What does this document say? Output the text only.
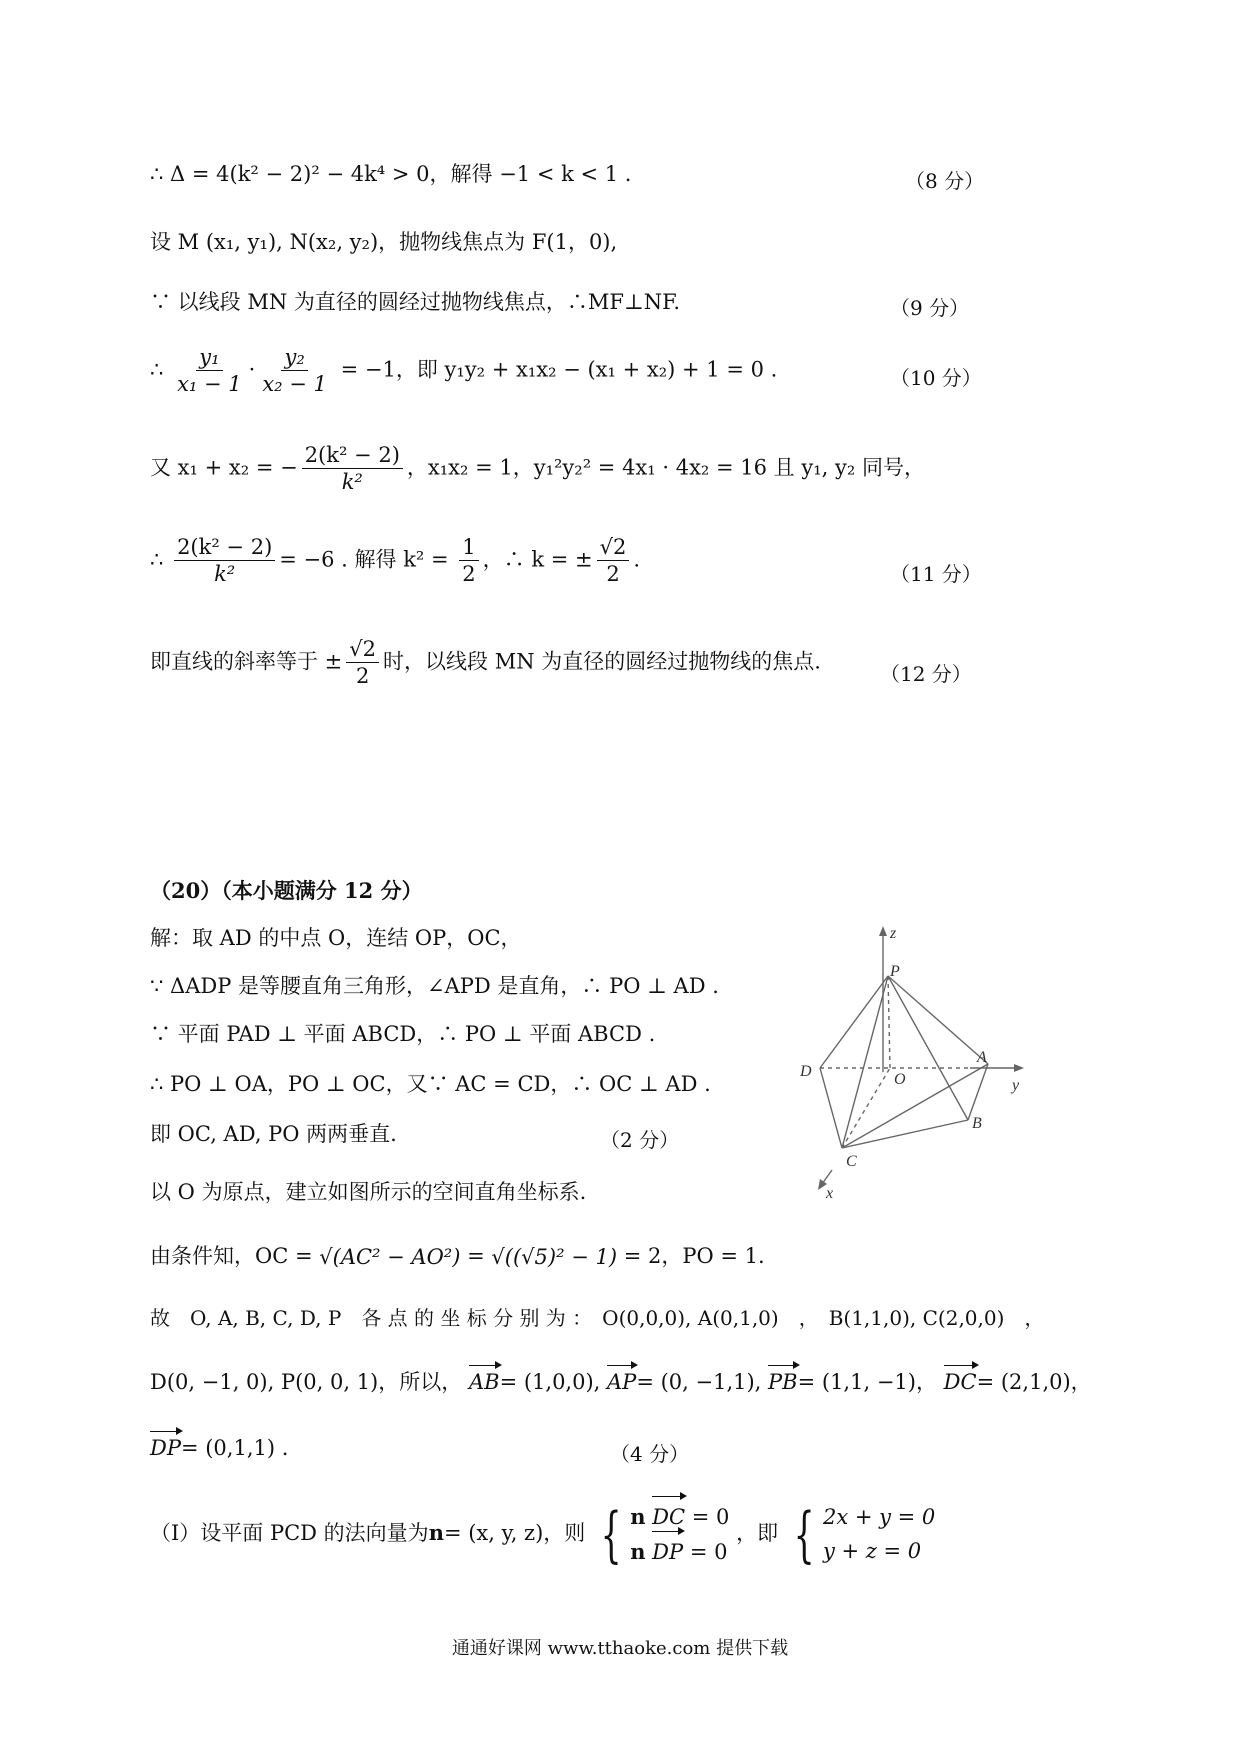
∴ Δ = 4(k² − 2)² − 4k⁴ > 0，解得 −1 < k < 1 .	（8 分）
设 M (x₁, y₁), N(x₂, y₂)，抛物线焦点为 F(1，0),
∵ 以线段 MN 为直径的圆经过抛物线焦点，∴MF⊥NF.	（9 分）
∴ $\frac{\text{y₁}}{\text{x₁ − 1}} \cdot \frac{\text{y₂}}{\text{x₂ − 1}} = -1$，即 y₁y₂ + x₁x₂ − (x₁ + x₂) + 1 = 0 .	（10 分）
又 x₁ + x₂ = − $\frac{\text{2(k² − 2)}}{\text{k²}}$ ，x₁x₂ = 1，y₁²y₂² = 4x₁ · 4x₂ = 16 且 y₁, y₂ 同号，
∴ $\frac{\text{2(k² − 2)}}{\text{k²}} = -6$ . 解得 $k^2 = \frac{1}{2}$ ，∴ k = ± $\frac{√2}{2}$ .
（11 分）
即直线的斜率等于 ± $\frac{√2}{2}$ 时，以线段 MN 为直径的圆经过抛物线的焦点.
（12 分）
（20）（本小题满分 12 分）
解：取 AD 的中点 O，连结 OP，OC，
∵ ΔADP 是等腰直角三角形，∠APD 是直角，∴ PO ⊥ AD .
∵ 平面 PAD ⊥ 平面 ABCD，∴ PO ⊥ 平面 ABCD .
∴ PO ⊥ OA，PO ⊥ OC，又∵ AC = CD，∴ OC ⊥ AD .
即 OC, AD, PO 两两垂直.	（2 分）
以 O 为原点，建立如图所示的空间直角坐标系.
由条件知，OC = √(AC² − AO²) = √((√5)² − 1) = 2，PO = 1.
故　O, A, B, C, D, P　各 点 的 坐 标 分 别 为 ：　O(0,0,0), A(0,1,0)　，　B(1,1,0), C(2,0,0)　，
D(0, −1, 0), P(0, 0, 1)，所以， AB= (1,0,0), AP= (0, −1,1), PB= (1,1, −1)， DC= (2,1,0)，
DP= (0,1,1) .	（4 分）
（I）设平面 PCD 的法向量为n= (x, y, z)，则 { n DC = 0
n DP = 0
，即 { 2x + y = 0
y + z = 0
z
y
x
P
A
B
C
D	O
通通好课网 www.tthaoke.com 提供下载
